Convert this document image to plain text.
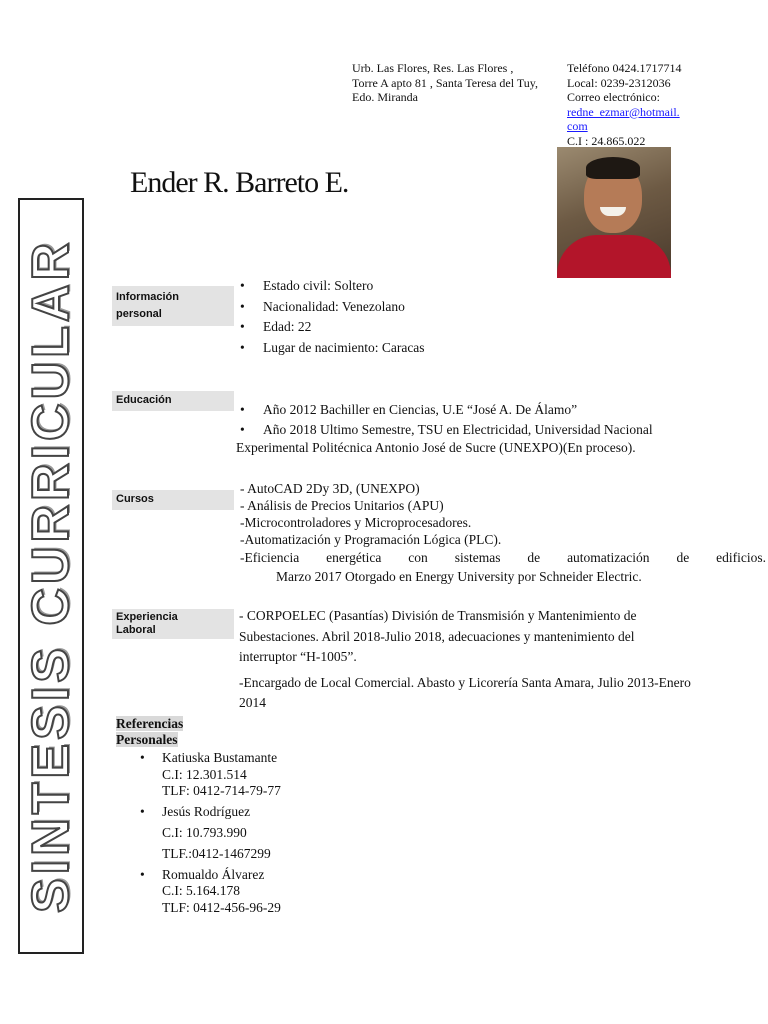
SINTESIS CURRICULAR
Urb. Las Flores, Res. Las Flores ,
Torre A apto 81 , Santa Teresa del Tuy,
Edo. Miranda
Teléfono 0424.1717714
Local: 0239-2312036
Correo electrónico:
redne_ezmar@hotmail.
com
C.I : 24.865.022
Ender R. Barreto E.
Información
personal
• Estado civil: Soltero
• Nacionalidad: Venezolano
• Edad: 22
• Lugar de nacimiento: Caracas
Educación
• Año 2012 Bachiller en Ciencias, U.E “José A. De Álamo”
• Año 2018 Ultimo Semestre, TSU en Electricidad, Universidad Nacional
Experimental Politécnica Antonio José de Sucre (UNEXPO)(En proceso).
Cursos
- AutoCAD 2Dy 3D, (UNEXPO)
- Análisis de Precios Unitarios (APU)
-Microcontroladores y Microprocesadores.
-Automatización y Programación Lógica (PLC).
-Eficiencia energética con sistemas de automatización de edificios.
Marzo 2017 Otorgado en Energy University por Schneider Electric.
Experiencia
Laboral
- CORPOELEC (Pasantías) División de Transmisión y Mantenimiento de
Subestaciones. Abril 2018-Julio 2018, adecuaciones y mantenimiento del
interruptor “H-1005”.
-Encargado de Local Comercial. Abasto y Licorería Santa Amara, Julio 2013-Enero
2014
Referencias
Personales
• Katiuska Bustamante
C.I: 12.301.514
TLF: 0412-714-79-77
• Jesús Rodríguez
C.I: 10.793.990
TLF.:0412-1467299
• Romualdo Álvarez
C.I: 5.164.178
TLF: 0412-456-96-29
